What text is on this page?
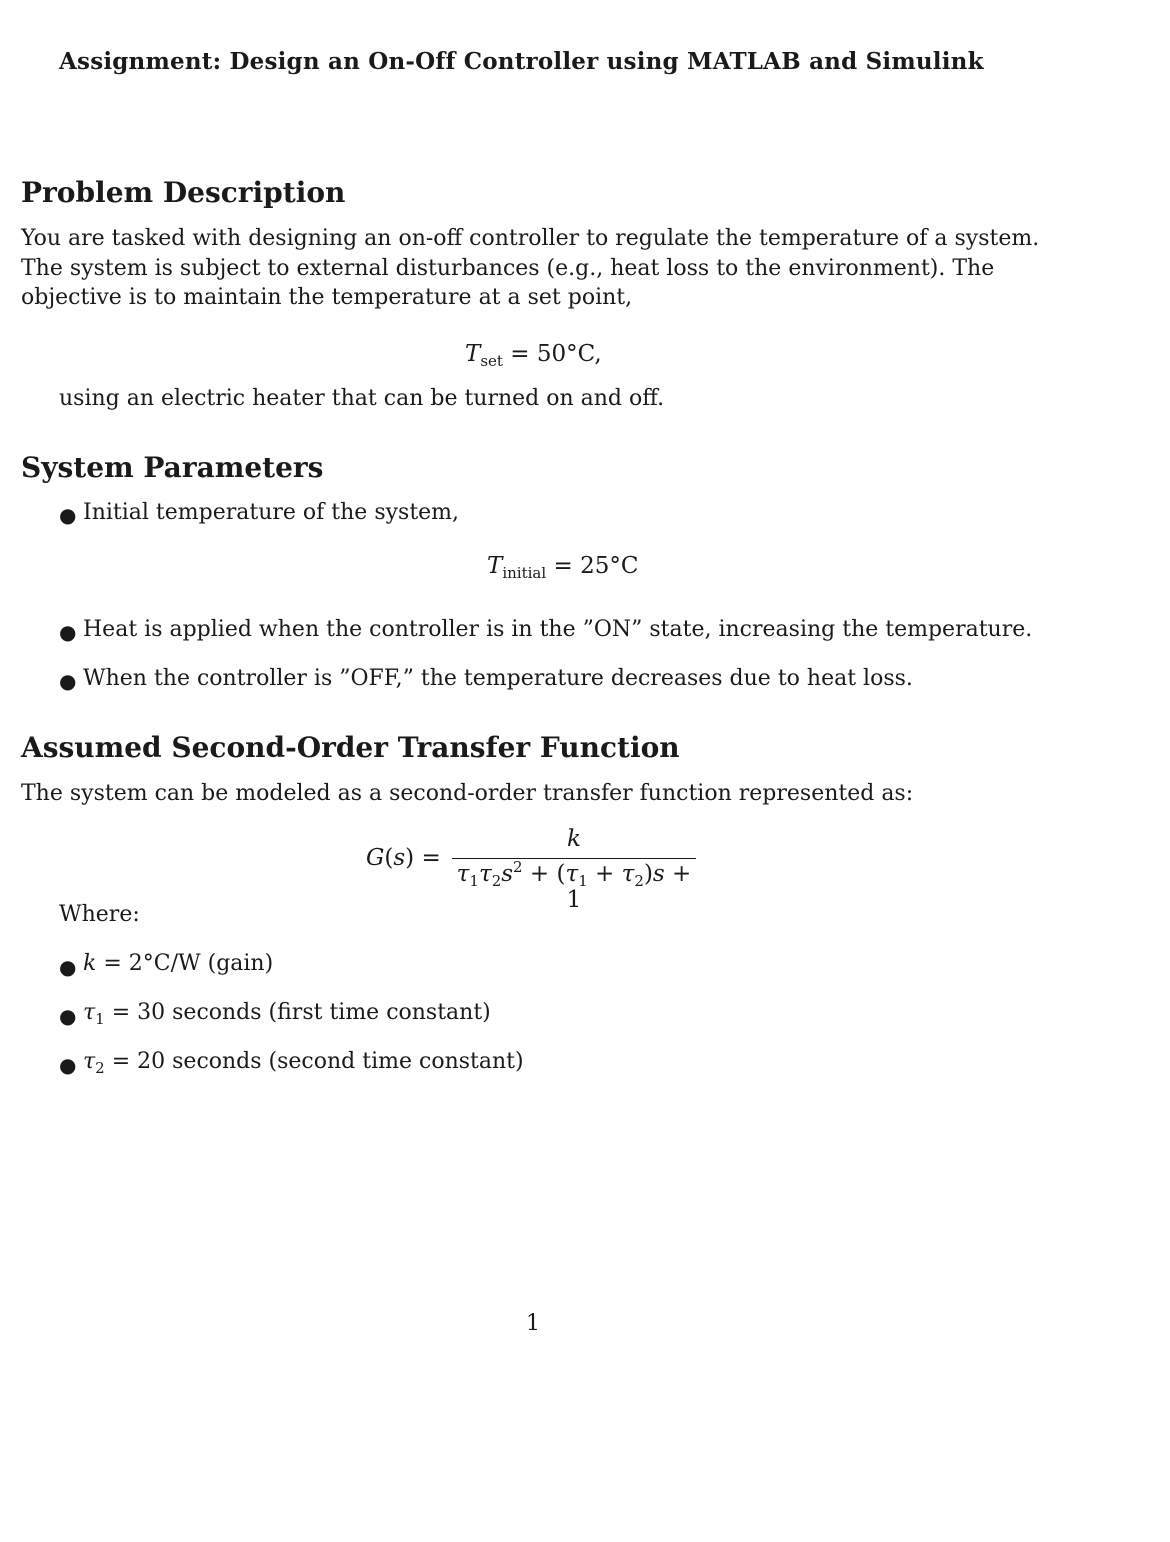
Assignment: Design an On-Off Controller using MATLAB and Simulink
Problem Description
You are tasked with designing an on-off controller to regulate the temperature of a system. The system is subject to external disturbances (e.g., heat loss to the environment). The objective is to maintain the temperature at a set point,
$T_{set} = 50^\circ C$,
using an electric heater that can be turned on and off.
System Parameters
● Initial temperature of the system,
$T_{initial} = 25^\circ C$
● Heat is applied when the controller is in the ”ON” state, increasing the temperature.
● When the controller is ”OFF,” the temperature decreases due to heat loss.
Assumed Second-Order Transfer Function
The system can be modeled as a second-order transfer function represented as:
G(s) =
k
$\tau_1\tau_2s^2 + (\tau_1 + \tau_2)s + 1$
Where:
● k = 2°C/W (gain)
● $\tau_1 = 30$ seconds (first time constant)
● $\tau_2 = 20$ seconds (second time constant)
1
